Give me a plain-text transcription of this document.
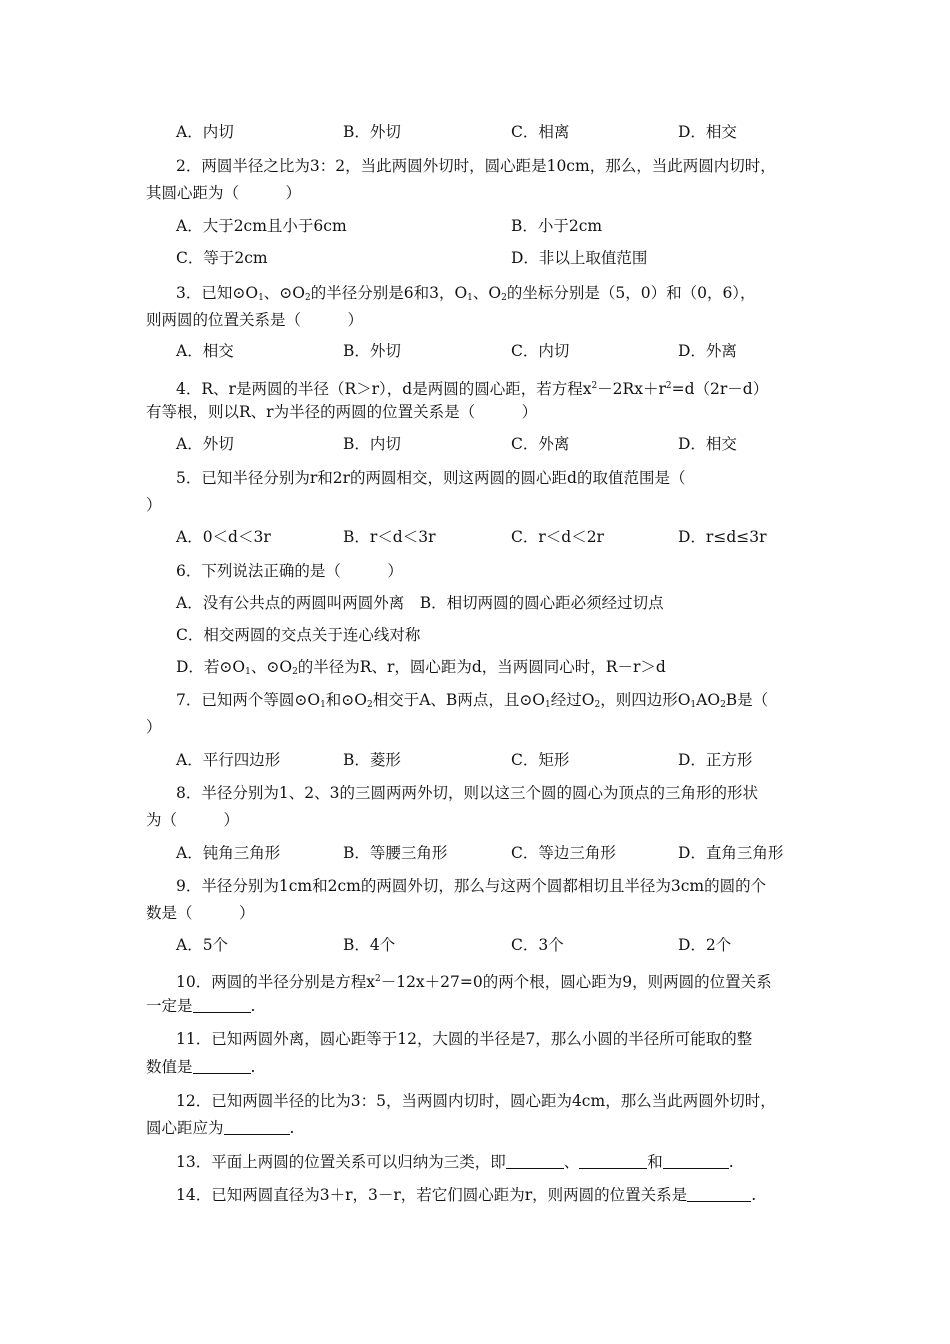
A．内切	B．外切	C．相离	D．相交
2．两圆半径之比为3：2，当此两圆外切时，圆心距是10cm，那么，当此两圆内切时，
其圆心距为（　　　）
A．大于2cm且小于6cm	B．小于2cm
C．等于2cm	D．非以上取值范围
3．已知$⊙O_1$、$⊙O_2$的半径分别是6和3，$O_1$、$O_2$的坐标分别是（5，0）和（0，6），
则两圆的位置关系是（　　　）
A．相交	B．外切	C．内切	D．外离
4．R、r是两圆的半径（R＞r），d是两圆的圆心距，若方程$x^2-2Rx+r^2=d(2r-d)$
有等根，则以R、r为半径的两圆的位置关系是（　　　）
A．外切	B．内切	C．外离	D．相交
5．已知半径分别为r和2r的两圆相交，则这两圆的圆心距d的取值范围是（
）
A．0＜d＜3r	B．r＜d＜3r	C．r＜d＜2r	D．r≤d≤3r
6．下列说法正确的是（　　　）
A．没有公共点的两圆叫两圆外离　B．相切两圆的圆心距必须经过切点
C．相交两圆的交点关于连心线对称
D．若$⊙O_1$、$⊙O_2$的半径为R、r，圆心距为d，当两圆同心时，R－r＞d
7．已知两个等圆$⊙O_1$和$⊙O_2$相交于A、B两点，且$⊙O_1$经过$O_2$，则四边形$O_1AO_2B$是（
）
A．平行四边形	B．菱形	C．矩形	D．正方形
8．半径分别为1、2、3的三圆两两外切，则以这三个圆的圆心为顶点的三角形的形状
为（　　　）
A．钝角三角形	B．等腰三角形	C．等边三角形	D．直角三角形
9．半径分别为1cm和2cm的两圆外切，那么与这两个圆都相切且半径为3cm的圆的个
数是（　　　）
A．5个	B．4个	C．3个	D．2个
10．两圆的半径分别是方程$x^2-12x+27=0$的两个根，圆心距为9，则两圆的位置关系
一定是	.
11．已知两圆外离，圆心距等于12，大圆的半径是7，那么小圆的半径所可能取的整
数值是	.
12．已知两圆半径的比为3：5，当两圆内切时，圆心距为4cm，那么当此两圆外切时，
圆心距应为	.
13．平面上两圆的位置关系可以归纳为三类，即	、	和	.
14．已知两圆直径为3＋r，3－r，若它们圆心距为r，则两圆的位置关系是	.
